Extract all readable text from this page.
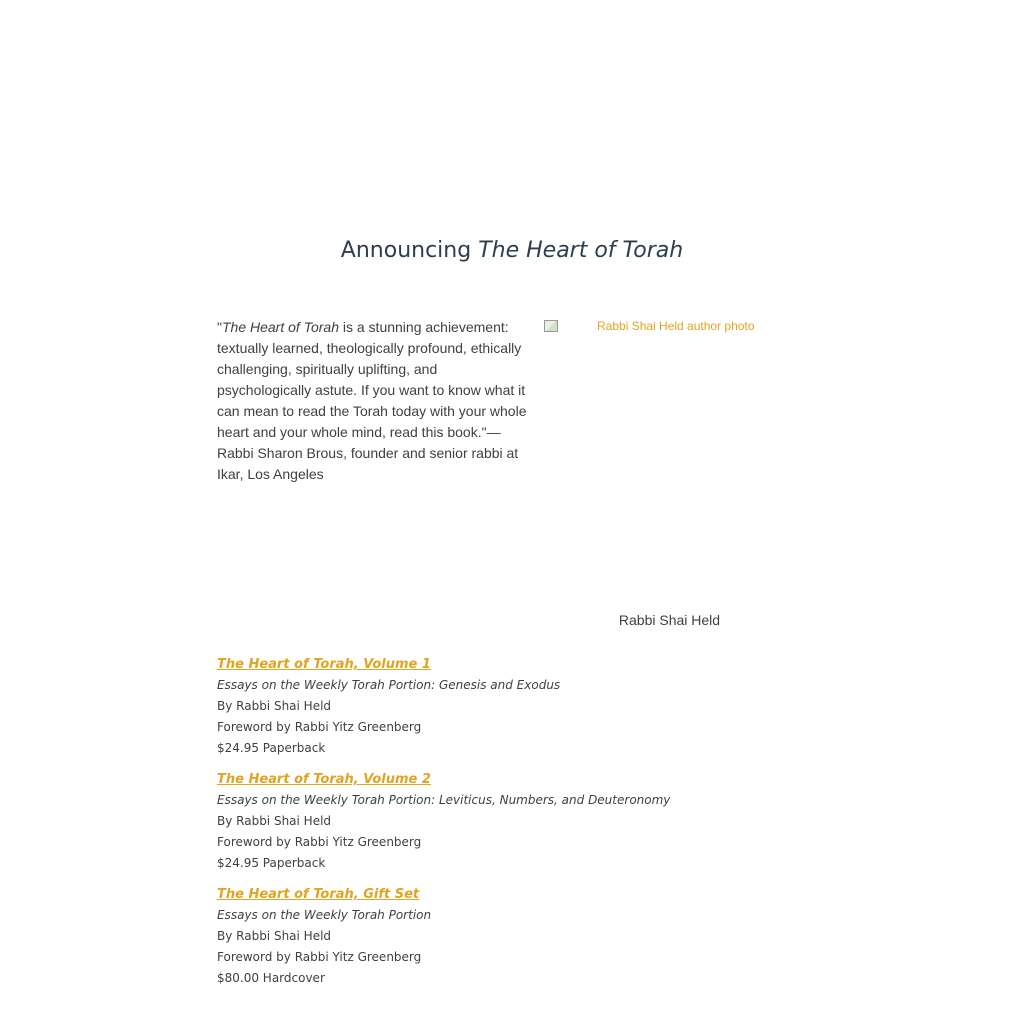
Announcing The Heart of Torah

"The Heart of Torah is a stunning achievement: textually learned, theologically profound, ethically challenging, spiritually uplifting, and psychologically astute. If you want to know what it can mean to read the Torah today with your whole heart and your whole mind, read this book."—Rabbi Sharon Brous, founder and senior rabbi at Ikar, Los Angeles

Rabbi Shai Held author photo
Rabbi Shai Held
The Heart of Torah, Volume 1
Essays on the Weekly Torah Portion: Genesis and Exodus
By Rabbi Shai Held
Foreword by Rabbi Yitz Greenberg
$24.95 Paperback
The Heart of Torah, Volume 2
Essays on the Weekly Torah Portion: Leviticus, Numbers, and Deuteronomy
By Rabbi Shai Held
Foreword by Rabbi Yitz Greenberg
$24.95 Paperback
The Heart of Torah, Gift Set
Essays on the Weekly Torah Portion
By Rabbi Shai Held
Foreword by Rabbi Yitz Greenberg
$80.00 Hardcover
